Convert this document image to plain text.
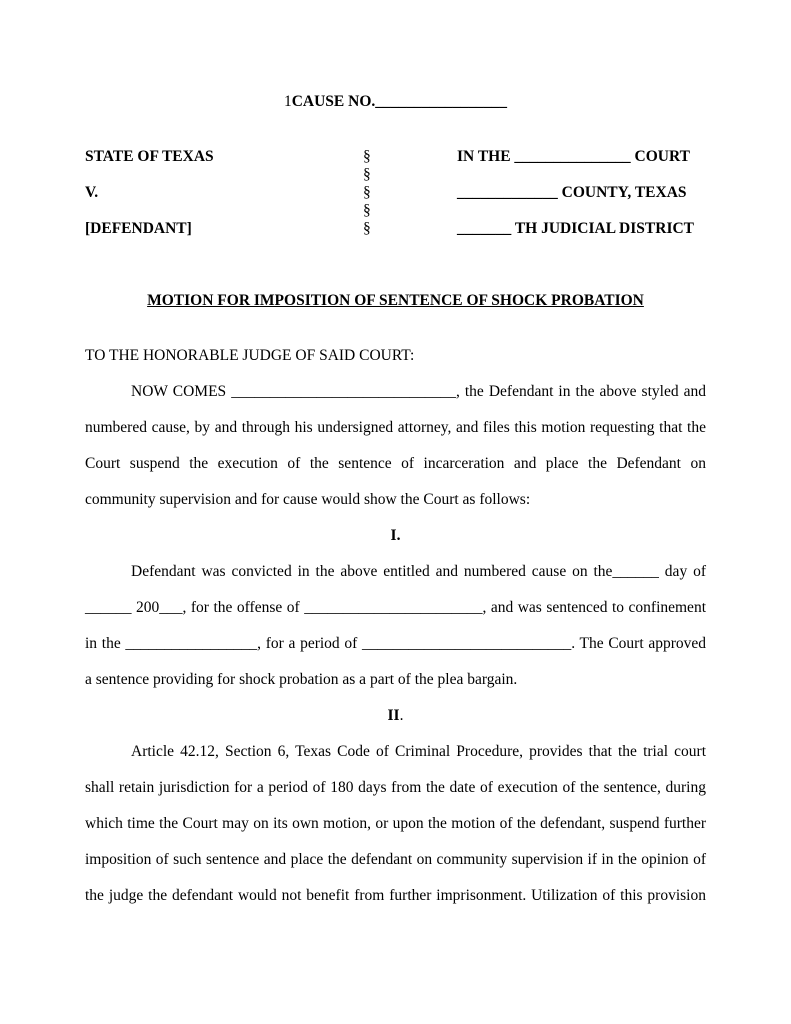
1CAUSE NO._________________
STATE OF TEXAS	§	IN THE _______________ COURT
§
V.	§	_____________ COUNTY, TEXAS
§
[DEFENDANT]	§	_______ TH JUDICIAL DISTRICT
MOTION FOR IMPOSITION OF SENTENCE OF SHOCK PROBATION
TO THE HONORABLE JUDGE OF SAID COURT:
NOW COMES _____________________________, the Defendant in the above styled and
numbered cause, by and through his undersigned attorney, and files this motion requesting that the
Court suspend the execution of the sentence of incarceration and place the Defendant on
community supervision and for cause would show the Court as follows:
I.
Defendant was convicted in the above entitled and numbered cause on the______ day of
______ 200___, for the offense of _______________________, and was sentenced to confinement
in the _________________, for a period of ___________________________. The Court approved
a sentence providing for shock probation as a part of the plea bargain.
II.
Article 42.12, Section 6, Texas Code of Criminal Procedure, provides that the trial court
shall retain jurisdiction for a period of 180 days from the date of execution of the sentence, during
which time the Court may on its own motion, or upon the motion of the defendant, suspend further
imposition of such sentence and place the defendant on community supervision if in the opinion of
the judge the defendant would not benefit from further imprisonment. Utilization of this provision
